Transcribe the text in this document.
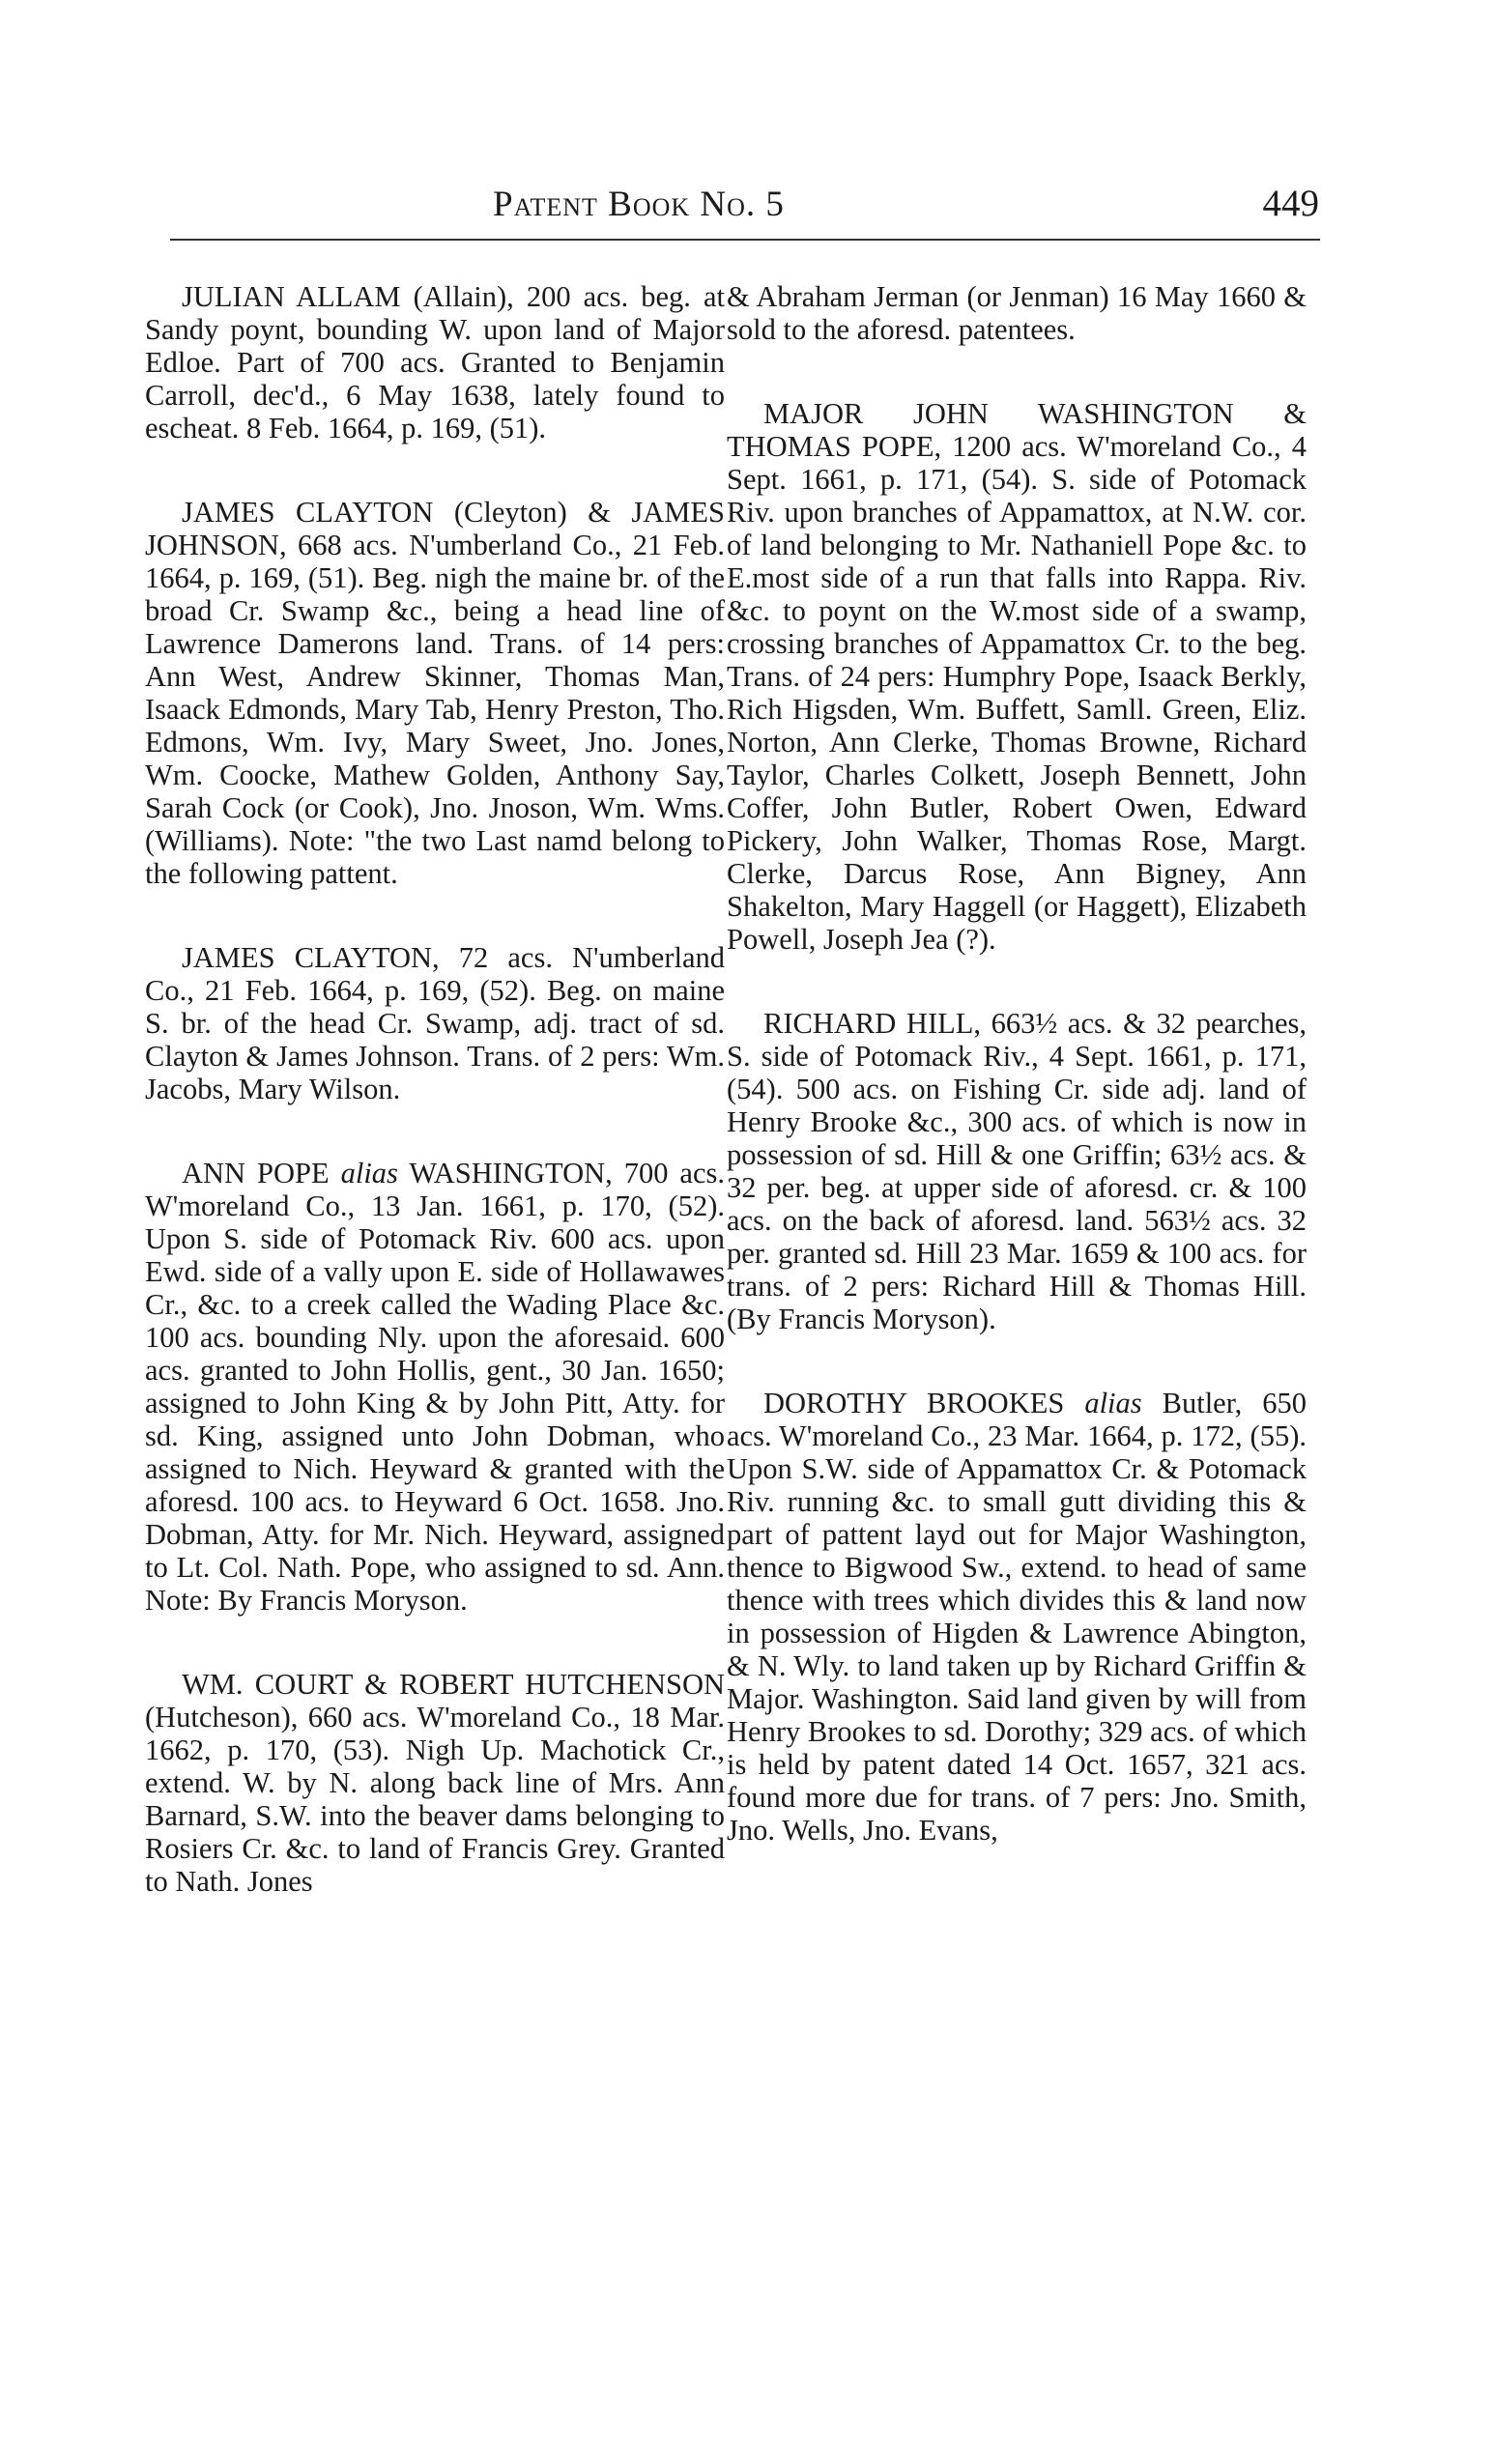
Patent Book No. 5	449

JULIAN ALLAM (Allain), 200 acs. beg. at Sandy poynt, bounding W. upon land of Major Edloe. Part of 700 acs. Granted to Benjamin Carroll, dec'd., 6 May 1638, lately found to escheat. 8 Feb. 1664, p. 169, (51).

JAMES CLAYTON (Cleyton) & JAMES JOHNSON, 668 acs. N'umberland Co., 21 Feb. 1664, p. 169, (51). Beg. nigh the maine br. of the broad Cr. Swamp &c., being a head line of Lawrence Damerons land. Trans. of 14 pers: Ann West, Andrew Skinner, Thomas Man, Isaack Edmonds, Mary Tab, Henry Preston, Tho. Edmons, Wm. Ivy, Mary Sweet, Jno. Jones, Wm. Coocke, Mathew Golden, Anthony Say, Sarah Cock (or Cook), Jno. Jnoson, Wm. Wms. (Williams). Note: "the two Last namd belong to the following pattent.

JAMES CLAYTON, 72 acs. N'umberland Co., 21 Feb. 1664, p. 169, (52). Beg. on maine S. br. of the head Cr. Swamp, adj. tract of sd. Clayton & James Johnson. Trans. of 2 pers: Wm. Jacobs, Mary Wilson.

ANN POPE alias WASHINGTON, 700 acs. W'moreland Co., 13 Jan. 1661, p. 170, (52). Upon S. side of Potomack Riv. 600 acs. upon Ewd. side of a vally upon E. side of Hollawawes Cr., &c. to a creek called the Wading Place &c. 100 acs. bounding Nly. upon the aforesaid. 600 acs. granted to John Hollis, gent., 30 Jan. 1650; assigned to John King & by John Pitt, Atty. for sd. King, assigned unto John Dobman, who assigned to Nich. Heyward & granted with the aforesd. 100 acs. to Heyward 6 Oct. 1658. Jno. Dobman, Atty. for Mr. Nich. Heyward, assigned to Lt. Col. Nath. Pope, who assigned to sd. Ann. Note: By Francis Moryson.

WM. COURT & ROBERT HUTCHENSON (Hutcheson), 660 acs. W'moreland Co., 18 Mar. 1662, p. 170, (53). Nigh Up. Machotick Cr., extend. W. by N. along back line of Mrs. Ann Barnard, S.W. into the beaver dams belonging to Rosiers Cr. &c. to land of Francis Grey. Granted to Nath. Jones

& Abraham Jerman (or Jenman) 16 May 1660 & sold to the aforesd. patentees.

MAJOR JOHN WASHINGTON & THOMAS POPE, 1200 acs. W'moreland Co., 4 Sept. 1661, p. 171, (54). S. side of Potomack Riv. upon branches of Appamattox, at N.W. cor. of land belonging to Mr. Nathaniell Pope &c. to E.most side of a run that falls into Rappa. Riv. &c. to poynt on the W.most side of a swamp, crossing branches of Appamattox Cr. to the beg. Trans. of 24 pers: Humphry Pope, Isaack Berkly, Rich Higsden, Wm. Buffett, Samll. Green, Eliz. Norton, Ann Clerke, Thomas Browne, Richard Taylor, Charles Colkett, Joseph Bennett, John Coffer, John Butler, Robert Owen, Edward Pickery, John Walker, Thomas Rose, Margt. Clerke, Darcus Rose, Ann Bigney, Ann Shakelton, Mary Haggell (or Haggett), Elizabeth Powell, Joseph Jea (?).

RICHARD HILL, 663½ acs. & 32 pearches, S. side of Potomack Riv., 4 Sept. 1661, p. 171, (54). 500 acs. on Fishing Cr. side adj. land of Henry Brooke &c., 300 acs. of which is now in possession of sd. Hill & one Griffin; 63½ acs. & 32 per. beg. at upper side of aforesd. cr. & 100 acs. on the back of aforesd. land. 563½ acs. 32 per. granted sd. Hill 23 Mar. 1659 & 100 acs. for trans. of 2 pers: Richard Hill & Thomas Hill. (By Francis Moryson).

DOROTHY BROOKES alias Butler, 650 acs. W'moreland Co., 23 Mar. 1664, p. 172, (55). Upon S.W. side of Appamattox Cr. & Potomack Riv. running &c. to small gutt dividing this & part of pattent layd out for Major Washington, thence to Bigwood Sw., extend. to head of same thence with trees which divides this & land now in possession of Higden & Lawrence Abington, & N. Wly. to land taken up by Richard Griffin & Major. Washington. Said land given by will from Henry Brookes to sd. Dorothy; 329 acs. of which is held by patent dated 14 Oct. 1657, 321 acs. found more due for trans. of 7 pers: Jno. Smith, Jno. Wells, Jno. Evans,
